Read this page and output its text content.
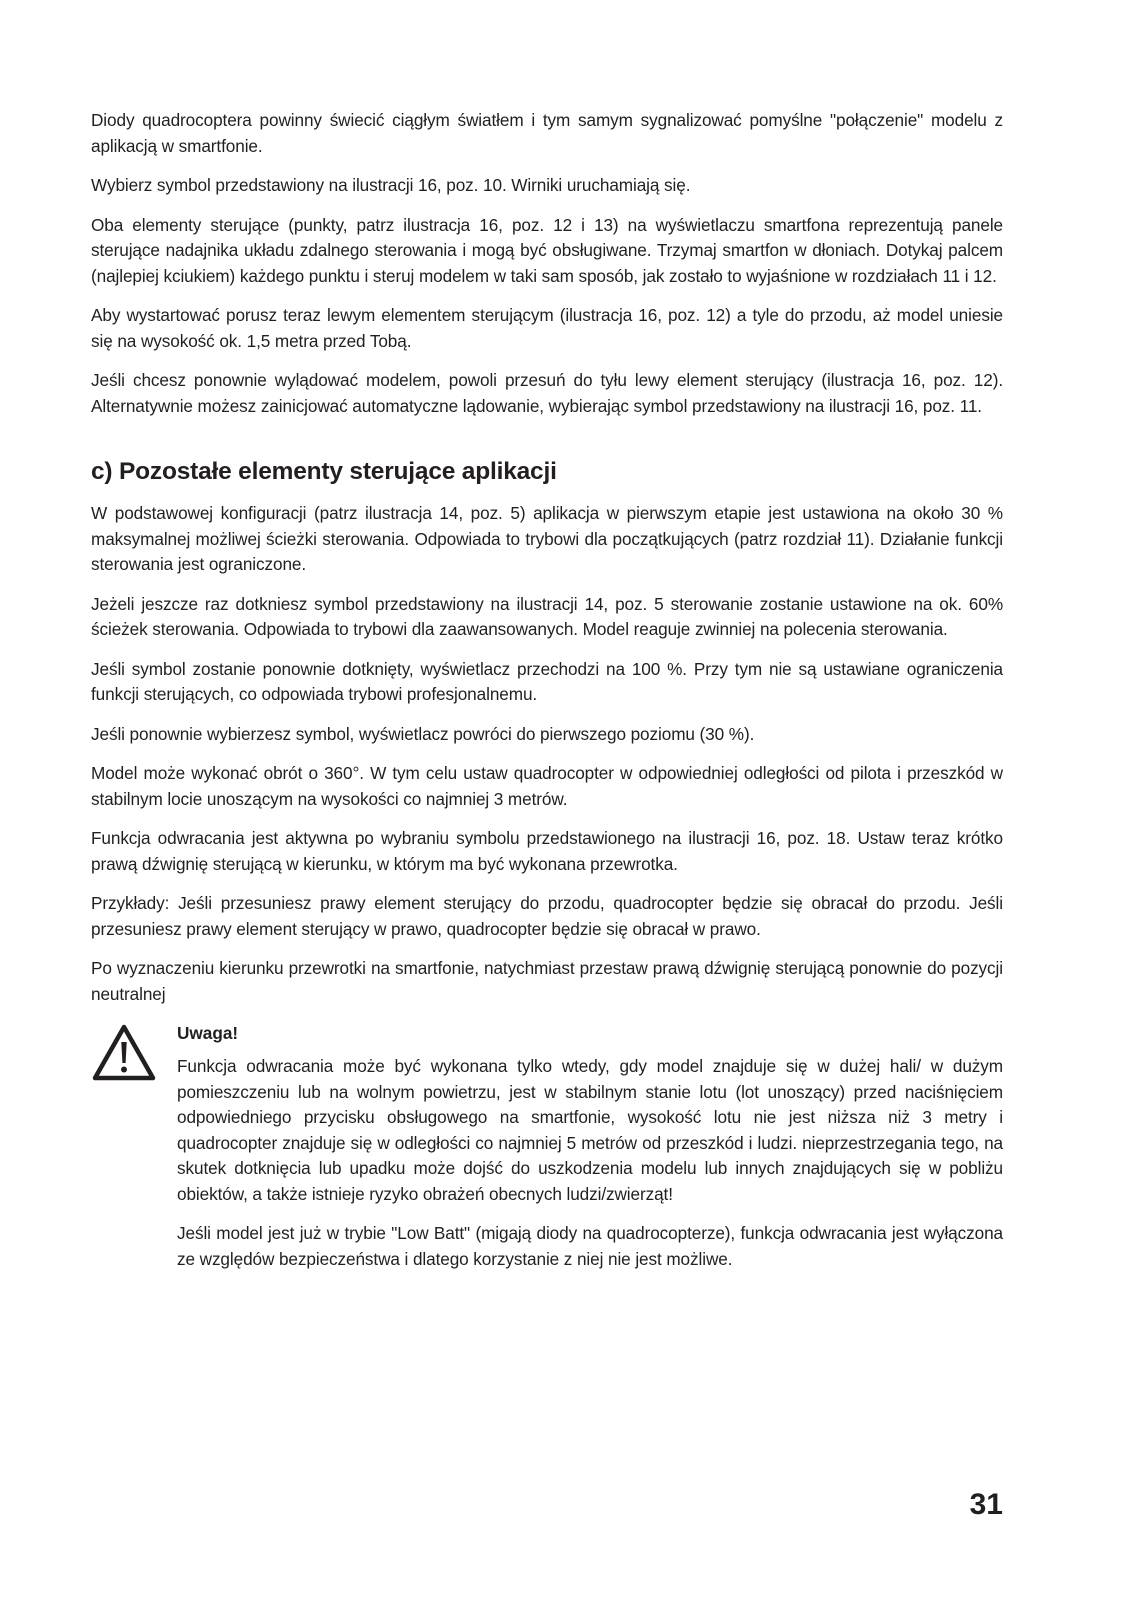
Diody quadrocoptera powinny świecić ciągłym światłem i tym samym sygnalizować pomyślne "połączenie" modelu z aplikacją w smartfonie.

Wybierz symbol przedstawiony na ilustracji 16, poz. 10. Wirniki uruchamiają się.

Oba elementy sterujące (punkty, patrz ilustracja 16, poz. 12 i 13) na wyświetlaczu smartfona reprezentują panele sterujące nadajnika układu zdalnego sterowania i mogą być obsługiwane. Trzymaj smartfon w dłoniach. Dotykaj palcem (najlepiej kciukiem) każdego punktu i steruj modelem w taki sam sposób, jak zostało to wyjaśnione w rozdziałach 11 i 12.

Aby wystartować porusz teraz lewym elementem sterującym (ilustracja 16, poz. 12) a tyle do przodu, aż model uniesie się na wysokość ok. 1,5 metra przed Tobą.

Jeśli chcesz ponownie wylądować modelem, powoli przesuń do tyłu lewy element sterujący (ilustracja 16, poz. 12). Alternatywnie możesz zainicjować automatyczne lądowanie, wybierając symbol przedstawiony na ilustracji 16, poz. 11.

c) Pozostałe elementy sterujące aplikacji

W podstawowej konfiguracji (patrz ilustracja 14, poz. 5) aplikacja w pierwszym etapie jest ustawiona na około 30 % maksymalnej możliwej ścieżki sterowania. Odpowiada to trybowi dla początkujących (patrz rozdział 11). Działanie funkcji sterowania jest ograniczone.

Jeżeli jeszcze raz dotkniesz symbol przedstawiony na ilustracji 14, poz. 5 sterowanie zostanie ustawione na ok. 60% ścieżek sterowania. Odpowiada to trybowi dla zaawansowanych. Model reaguje zwinniej na polecenia sterowania.

Jeśli symbol zostanie ponownie dotknięty, wyświetlacz przechodzi na 100 %. Przy tym nie są ustawiane ograniczenia funkcji sterujących, co odpowiada trybowi profesjonalnemu.

Jeśli ponownie wybierzesz symbol, wyświetlacz powróci do pierwszego poziomu (30 %).

Model może wykonać obrót o 360°. W tym celu ustaw quadrocopter w odpowiedniej odległości od pilota i przeszkód w stabilnym locie unoszącym na wysokości co najmniej 3 metrów.

Funkcja odwracania jest aktywna po wybraniu symbolu przedstawionego na ilustracji 16, poz. 18. Ustaw teraz krótko prawą dźwignię sterującą w kierunku, w którym ma być wykonana przewrotka.

Przykłady: Jeśli przesuniesz prawy element sterujący do przodu, quadrocopter będzie się obracał do przodu. Jeśli przesuniesz prawy element sterujący w prawo, quadrocopter będzie się obracał w prawo.

Po wyznaczeniu kierunku przewrotki na smartfonie, natychmiast przestaw prawą dźwignię sterującą ponownie do pozycji neutralnej

Uwaga!

Funkcja odwracania może być wykonana tylko wtedy, gdy model znajduje się w dużej hali/ w dużym pomieszczeniu lub na wolnym powietrzu, jest w stabilnym stanie lotu (lot unoszący) przed naciśnięciem odpowiedniego przycisku obsługowego na smartfonie, wysokość lotu nie jest niższa niż 3 metry i quadrocopter znajduje się w odległości co najmniej 5 metrów od przeszkód i ludzi. nieprzestrzegania tego, na skutek dotknięcia lub upadku może dojść do uszkodzenia modelu lub innych znajdujących się w pobliżu obiektów, a także istnieje ryzyko obrażeń obecnych ludzi/zwierząt!

Jeśli model jest już w trybie "Low Batt" (migają diody na quadrocopterze), funkcja odwracania jest wyłączona ze względów bezpieczeństwa i dlatego korzystanie z niej nie jest możliwe.

31
